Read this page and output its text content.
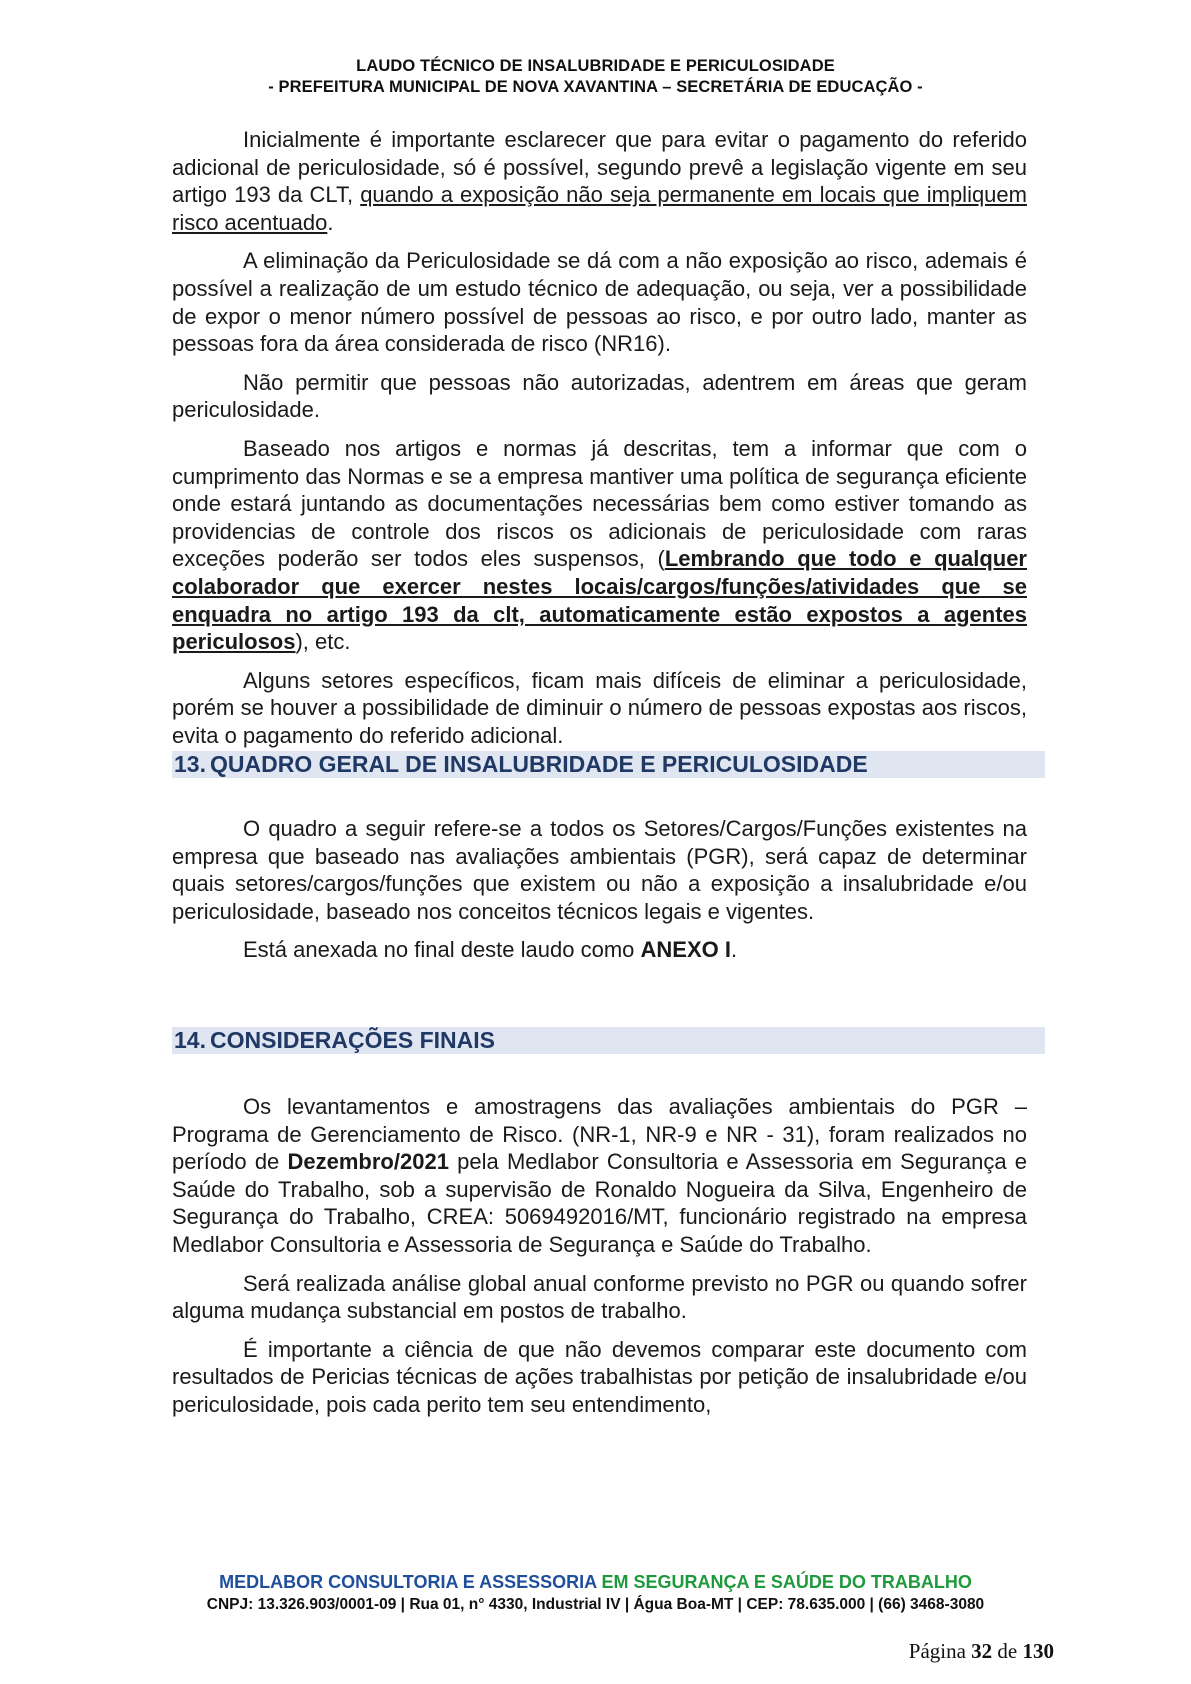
LAUDO TÉCNICO DE INSALUBRIDADE E PERICULOSIDADE
- PREFEITURA MUNICIPAL DE NOVA XAVANTINA – SECRETÁRIA DE EDUCAÇÃO -

Inicialmente é importante esclarecer que para evitar o pagamento do referido adicional de periculosidade, só é possível, segundo prevê a legislação vigente em seu artigo 193 da CLT, quando a exposição não seja permanente em locais que impliquem risco acentuado.

A eliminação da Periculosidade se dá com a não exposição ao risco, ademais é possível a realização de um estudo técnico de adequação, ou seja, ver a possibilidade de expor o menor número possível de pessoas ao risco, e por outro lado, manter as pessoas fora da área considerada de risco (NR16).

Não permitir que pessoas não autorizadas, adentrem em áreas que geram periculosidade.

Baseado nos artigos e normas já descritas, tem a informar que com o cumprimento das Normas e se a empresa mantiver uma política de segurança eficiente onde estará juntando as documentações necessárias bem como estiver tomando as providencias de controle dos riscos os adicionais de periculosidade com raras exceções poderão ser todos eles suspensos, (Lembrando que todo e qualquer colaborador que exercer nestes locais/cargos/funções/atividades que se enquadra no artigo 193 da clt, automaticamente estão expostos a agentes periculosos), etc.

Alguns setores específicos, ficam mais difíceis de eliminar a periculosidade, porém se houver a possibilidade de diminuir o número de pessoas expostas aos riscos, evita o pagamento do referido adicional.

13. QUADRO GERAL DE INSALUBRIDADE E PERICULOSIDADE

O quadro a seguir refere-se a todos os Setores/Cargos/Funções existentes na empresa que baseado nas avaliações ambientais (PGR), será capaz de determinar quais setores/cargos/funções que existem ou não a exposição a insalubridade e/ou periculosidade, baseado nos conceitos técnicos legais e vigentes.

Está anexada no final deste laudo como ANEXO I.

14. CONSIDERAÇÕES FINAIS

Os levantamentos e amostragens das avaliações ambientais do PGR – Programa de Gerenciamento de Risco. (NR-1, NR-9 e NR - 31), foram realizados no período de Dezembro/2021 pela Medlabor Consultoria e Assessoria em Segurança e Saúde do Trabalho, sob a supervisão de Ronaldo Nogueira da Silva, Engenheiro de Segurança do Trabalho, CREA: 5069492016/MT, funcionário registrado na empresa Medlabor Consultoria e Assessoria de Segurança e Saúde do Trabalho.

Será realizada análise global anual conforme previsto no PGR ou quando sofrer alguma mudança substancial em postos de trabalho.

É importante a ciência de que não devemos comparar este documento com resultados de Pericias técnicas de ações trabalhistas por petição de insalubridade e/ou periculosidade, pois cada perito tem seu entendimento,

MEDLABOR CONSULTORIA E ASSESSORIA EM SEGURANÇA E SAÚDE DO TRABALHO
CNPJ: 13.326.903/0001-09 | Rua 01, n° 4330, Industrial IV | Água Boa-MT | CEP: 78.635.000 | (66) 3468-3080
Página 32 de 130
